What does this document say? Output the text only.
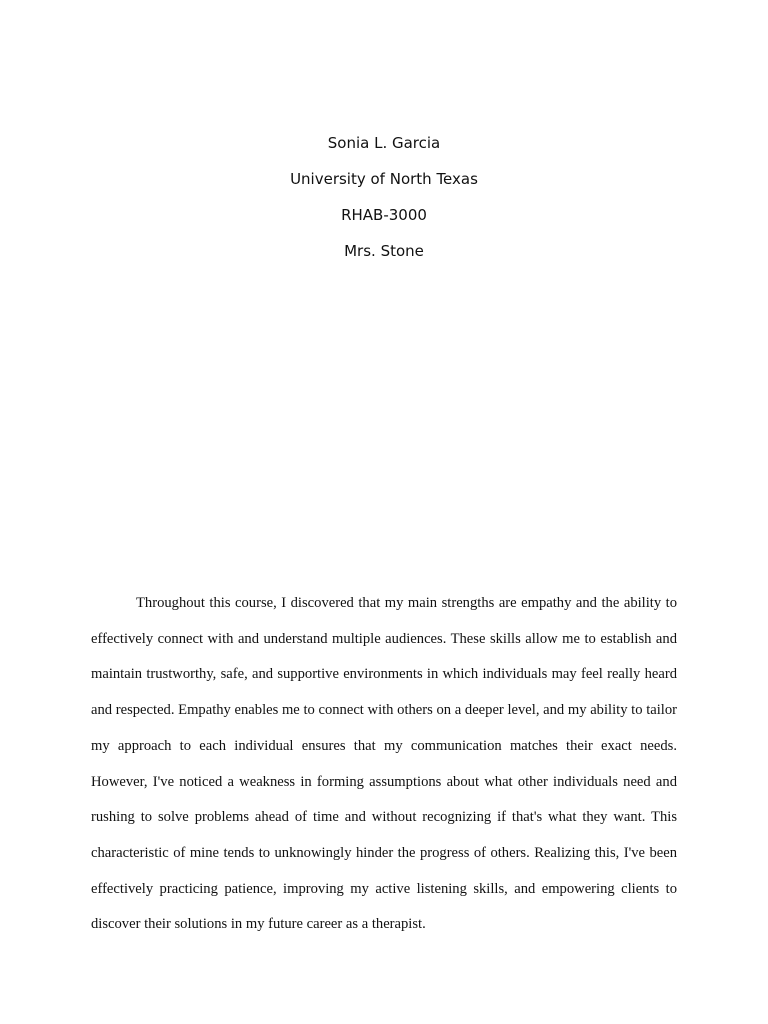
Sonia L. Garcia

University of North Texas

RHAB-3000

Mrs. Stone

Throughout this course, I discovered that my main strengths are empathy and the ability to effectively connect with and understand multiple audiences. These skills allow me to establish and maintain trustworthy, safe, and supportive environments in which individuals may feel really heard and respected. Empathy enables me to connect with others on a deeper level, and my ability to tailor my approach to each individual ensures that my communication matches their exact needs. However, I've noticed a weakness in forming assumptions about what other individuals need and rushing to solve problems ahead of time and without recognizing if that's what they want. This characteristic of mine tends to unknowingly hinder the progress of others. Realizing this, I've been effectively practicing patience, improving my active listening skills, and empowering clients to discover their solutions in my future career as a therapist.
